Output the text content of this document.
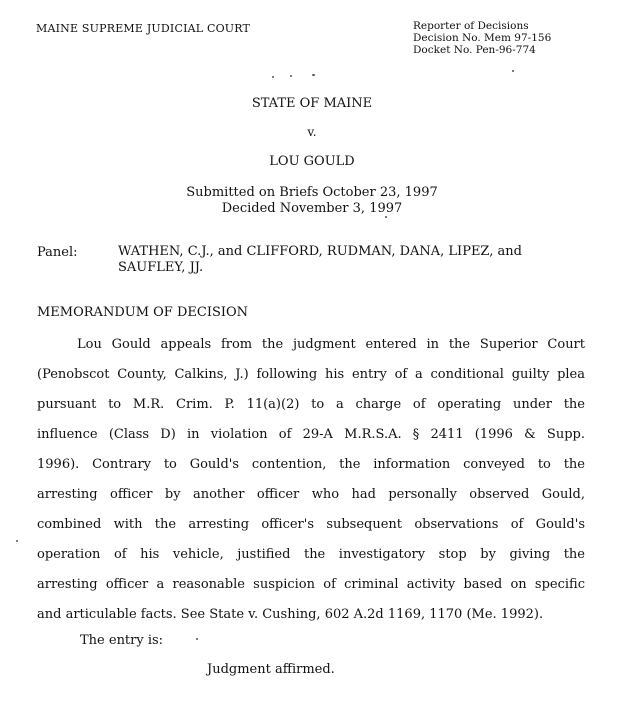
MAINE SUPREME JUDICIAL COURT	Reporter of Decisions
Decision No. Mem 97-156
Docket No. Pen-96-774
STATE OF MAINE
v.
LOU GOULD
Submitted on Briefs October 23, 1997
Decided November 3, 1997
Panel:	WATHEN, C.J., and CLIFFORD, RUDMAN, DANA, LIPEZ, and SAUFLEY, JJ.
MEMORANDUM OF DECISION
Lou Gould appeals from the judgment entered in the Superior Court
(Penobscot County, Calkins, J.) following his entry of a conditional guilty plea
pursuant to M.R. Crim. P. 11(a)(2) to a charge of operating under the
influence (Class D) in violation of 29-A M.R.S.A. § 2411 (1996 & Supp.
1996). Contrary to Gould's contention, the information conveyed to the
arresting officer by another officer who had personally observed Gould,
combined with the arresting officer's subsequent observations of Gould's
operation of his vehicle, justified the investigatory stop by giving the
arresting officer a reasonable suspicion of criminal activity based on specific
and articulable facts. See State v. Cushing, 602 A.2d 1169, 1170 (Me. 1992).
The entry is:
Judgment affirmed.
